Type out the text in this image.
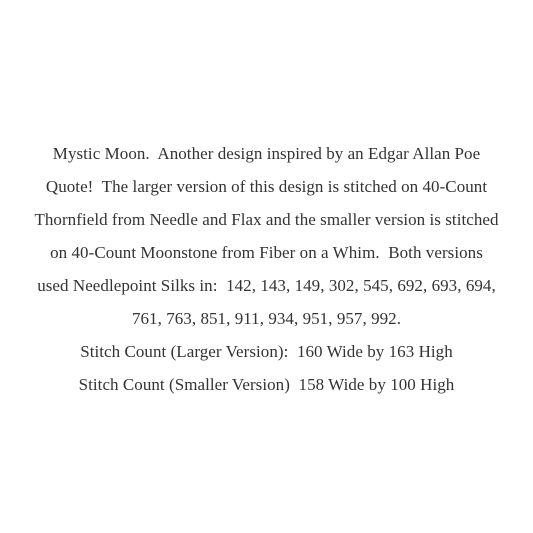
Mystic Moon.  Another design inspired by an Edgar Allan Poe
Quote!  The larger version of this design is stitched on 40-Count
Thornfield from Needle and Flax and the smaller version is stitched
on 40-Count Moonstone from Fiber on a Whim.  Both versions
used Needlepoint Silks in:  142, 143, 149, 302, 545, 692, 693, 694,
761, 763, 851, 911, 934, 951, 957, 992.
Stitch Count (Larger Version):  160 Wide by 163 High
Stitch Count (Smaller Version)  158 Wide by 100 High
